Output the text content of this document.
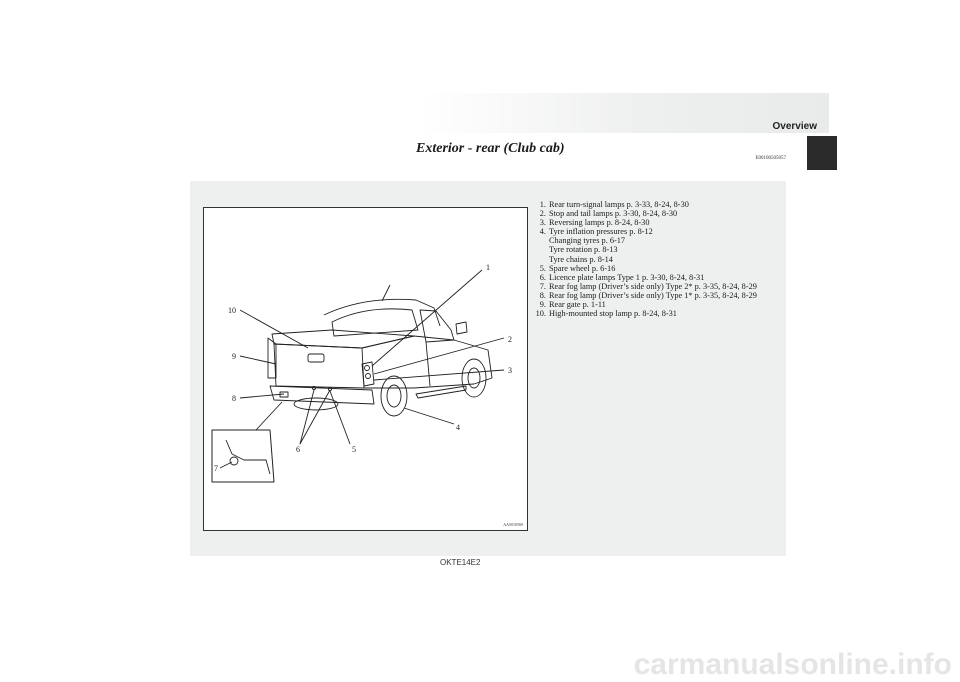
Overview
Exterior - rear (Club cab)
E00100505057
1
2
3
4
5
6
7
8
9
10
AA5010569
1. Rear turn-signal lamps p. 3-33, 8-24, 8-30
2. Stop and tail lamps p. 3-30, 8-24, 8-30
3. Reversing lamps p. 8-24, 8-30
4. Tyre inflation pressures p. 8-12
Changing tyres p. 6-17
Tyre rotation p. 8-13
Tyre chains p. 8-14
5. Spare wheel p. 6-16
6. Licence plate lamps Type 1 p. 3-30, 8-24, 8-31
7. Rear fog lamp (Driver’s side only) Type 2* p. 3-35, 8-24, 8-29
8. Rear fog lamp (Driver’s side only) Type 1* p. 3-35, 8-24, 8-29
9. Rear gate p. 1-11
10. High-mounted stop lamp p. 8-24, 8-31
OKTE14E2
carmanualsonline.info
